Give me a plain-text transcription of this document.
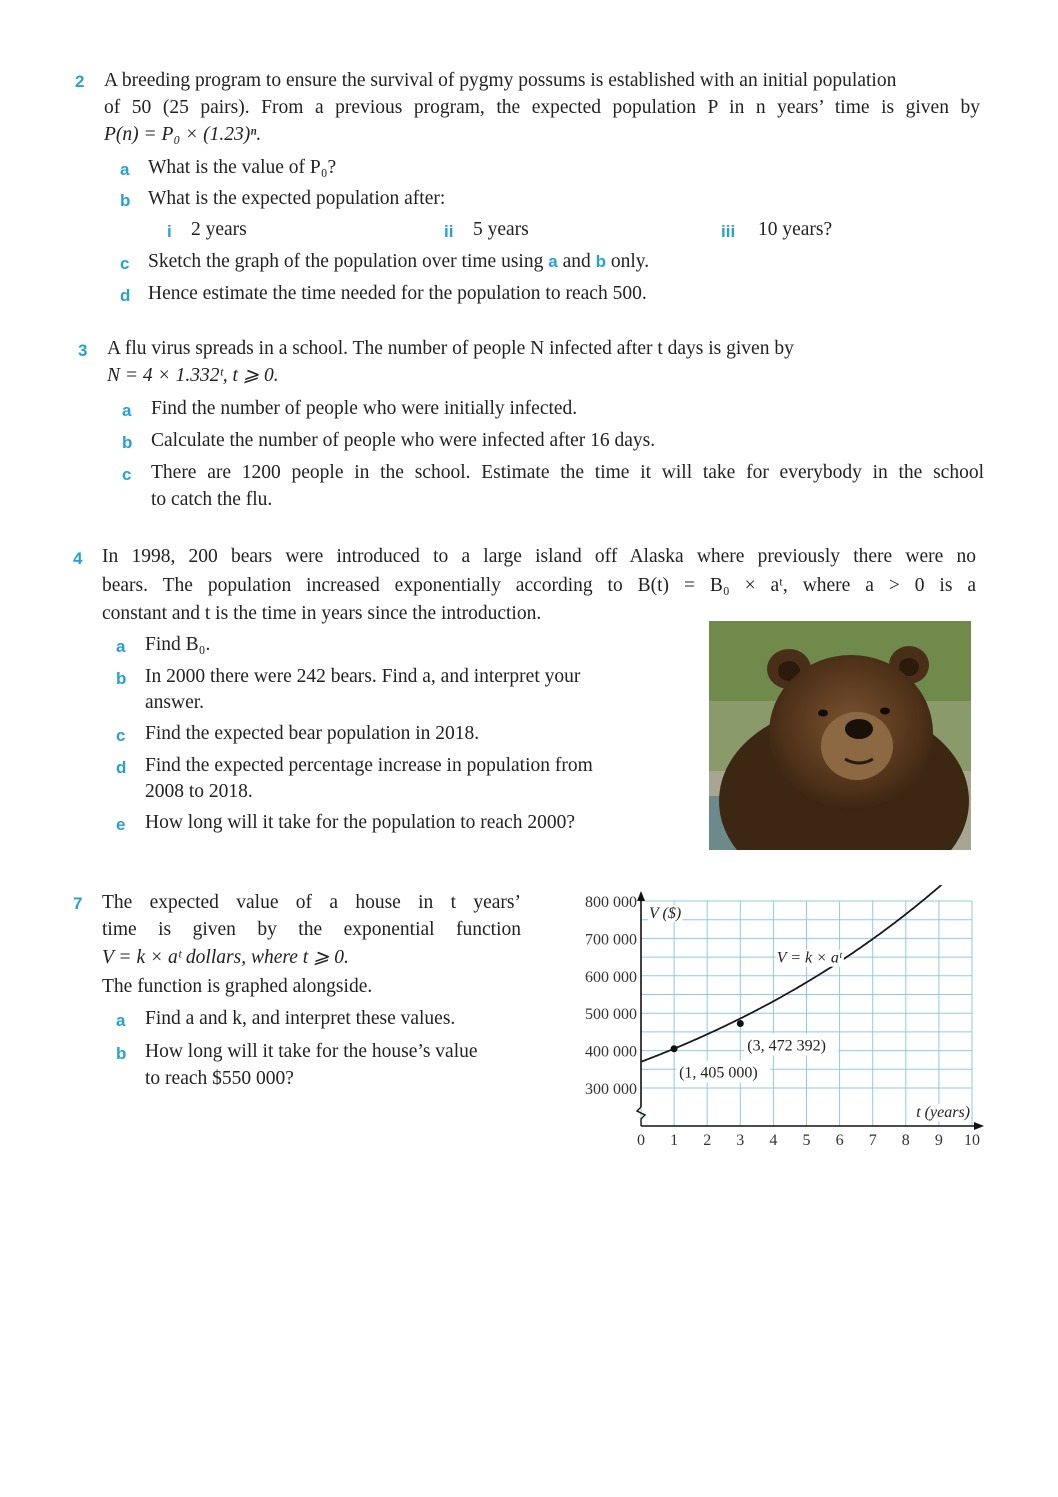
2 A breeding program to ensure the survival of pygmy possums is established with an initial population
of 50 (25 pairs). From a previous program, the expected population P in n years’ time is given by
P(n) = P₀ × (1.23)ⁿ.
a What is the value of P₀?
b What is the expected population after:
i 2 years	ii 5 years	iii 10 years?
c Sketch the graph of the population over time using a and b only.
d Hence estimate the time needed for the population to reach 500.
3 A flu virus spreads in a school. The number of people N infected after t days is given by
N = 4 × 1.332ᵗ, t ⩾ 0.
a Find the number of people who were initially infected.
b Calculate the number of people who were infected after 16 days.
c There are 1200 people in the school. Estimate the time it will take for everybody in the school
to catch the flu.
4 In 1998, 200 bears were introduced to a large island off Alaska where previously there were no
bears. The population increased exponentially according to B(t) = B₀ × aᵗ, where a > 0 is a
constant and t is the time in years since the introduction.
a Find B₀.
b In 2000 there were 242 bears. Find a, and interpret your
answer.
c Find the expected bear population in 2018.
d Find the expected percentage increase in population from
2008 to 2018.
e How long will it take for the population to reach 2000?
7 The expected value of a house in t years’
time is given by the exponential function
V = k × aᵗ dollars, where t ⩾ 0.
The function is graphed alongside.
a Find a and k, and interpret these values.
b How long will it take for the house’s value
to reach $550 000?
300 000
400 000
500 000
600 000
700 000
800 000
0 1 2 3 4 5 6 7 8 9 10
(1, 405 000)
(3, 472 392)
V ($)
t (years)
V = k × aᵗ
